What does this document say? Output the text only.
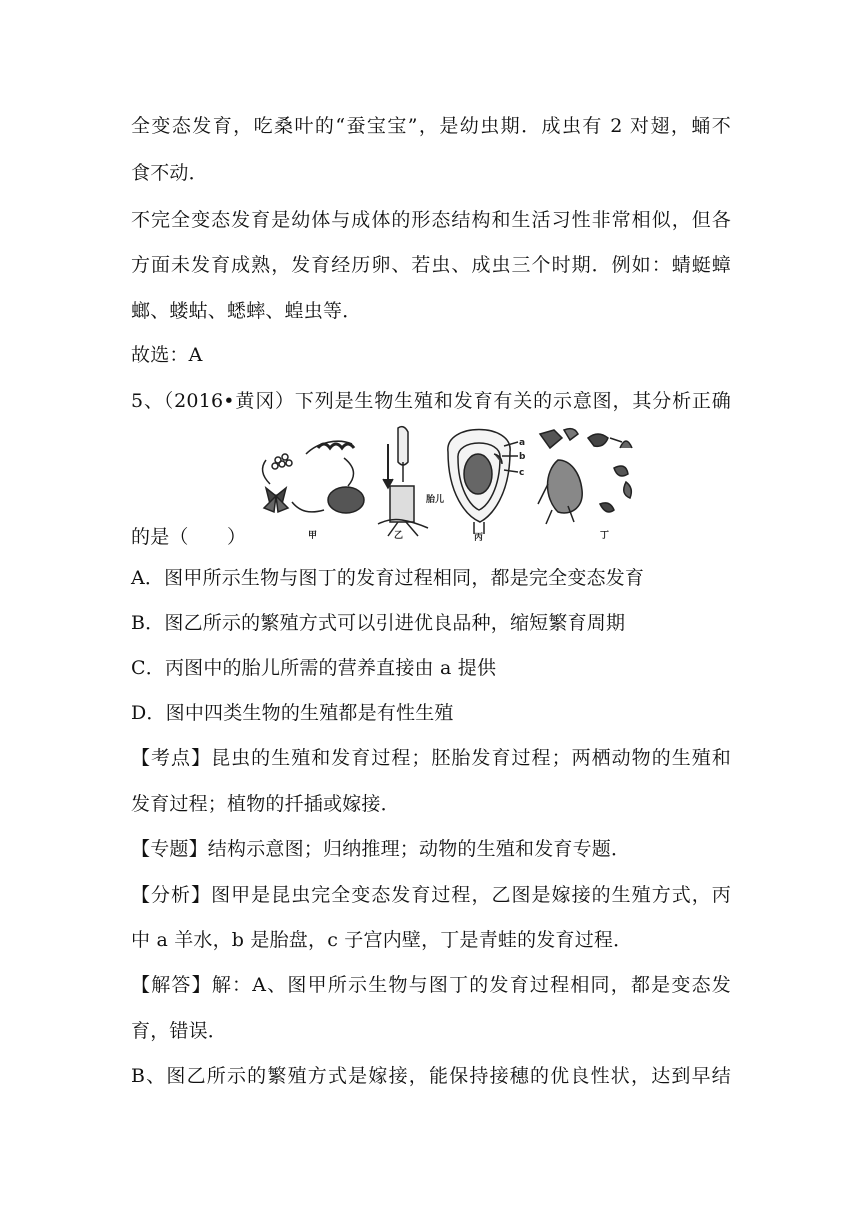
全变态发育，吃桑叶的“蚕宝宝”，是幼虫期．成虫有 2 对翅，蛹不
食不动．
不完全变态发育是幼体与成体的形态结构和生活习性非常相似，但各
方面未发育成熟，发育经历卵、若虫、成虫三个时期．例如：蜻蜓蟑
螂、蝼蛄、蟋蟀、蝗虫等．
故选：A
5、（2016•黄冈）下列是生物生殖和发育有关的示意图，其分析正确
甲	乙	丙	丁
胎儿
a
b
c
的是（　　）
A．图甲所示生物与图丁的发育过程相同，都是完全变态发育
B．图乙所示的繁殖方式可以引进优良品种，缩短繁育周期
C．丙图中的胎儿所需的营养直接由 a 提供
D．图中四类生物的生殖都是有性生殖
【考点】昆虫的生殖和发育过程；胚胎发育过程；两栖动物的生殖和
发育过程；植物的扦插或嫁接．
【专题】结构示意图；归纳推理；动物的生殖和发育专题．
【分析】图甲是昆虫完全变态发育过程，乙图是嫁接的生殖方式，丙
中 a 羊水，b 是胎盘，c 子宫内壁，丁是青蛙的发育过程．
【解答】解：A、图甲所示生物与图丁的发育过程相同，都是变态发
育，错误．
B、图乙所示的繁殖方式是嫁接，能保持接穗的优良性状，达到早结
